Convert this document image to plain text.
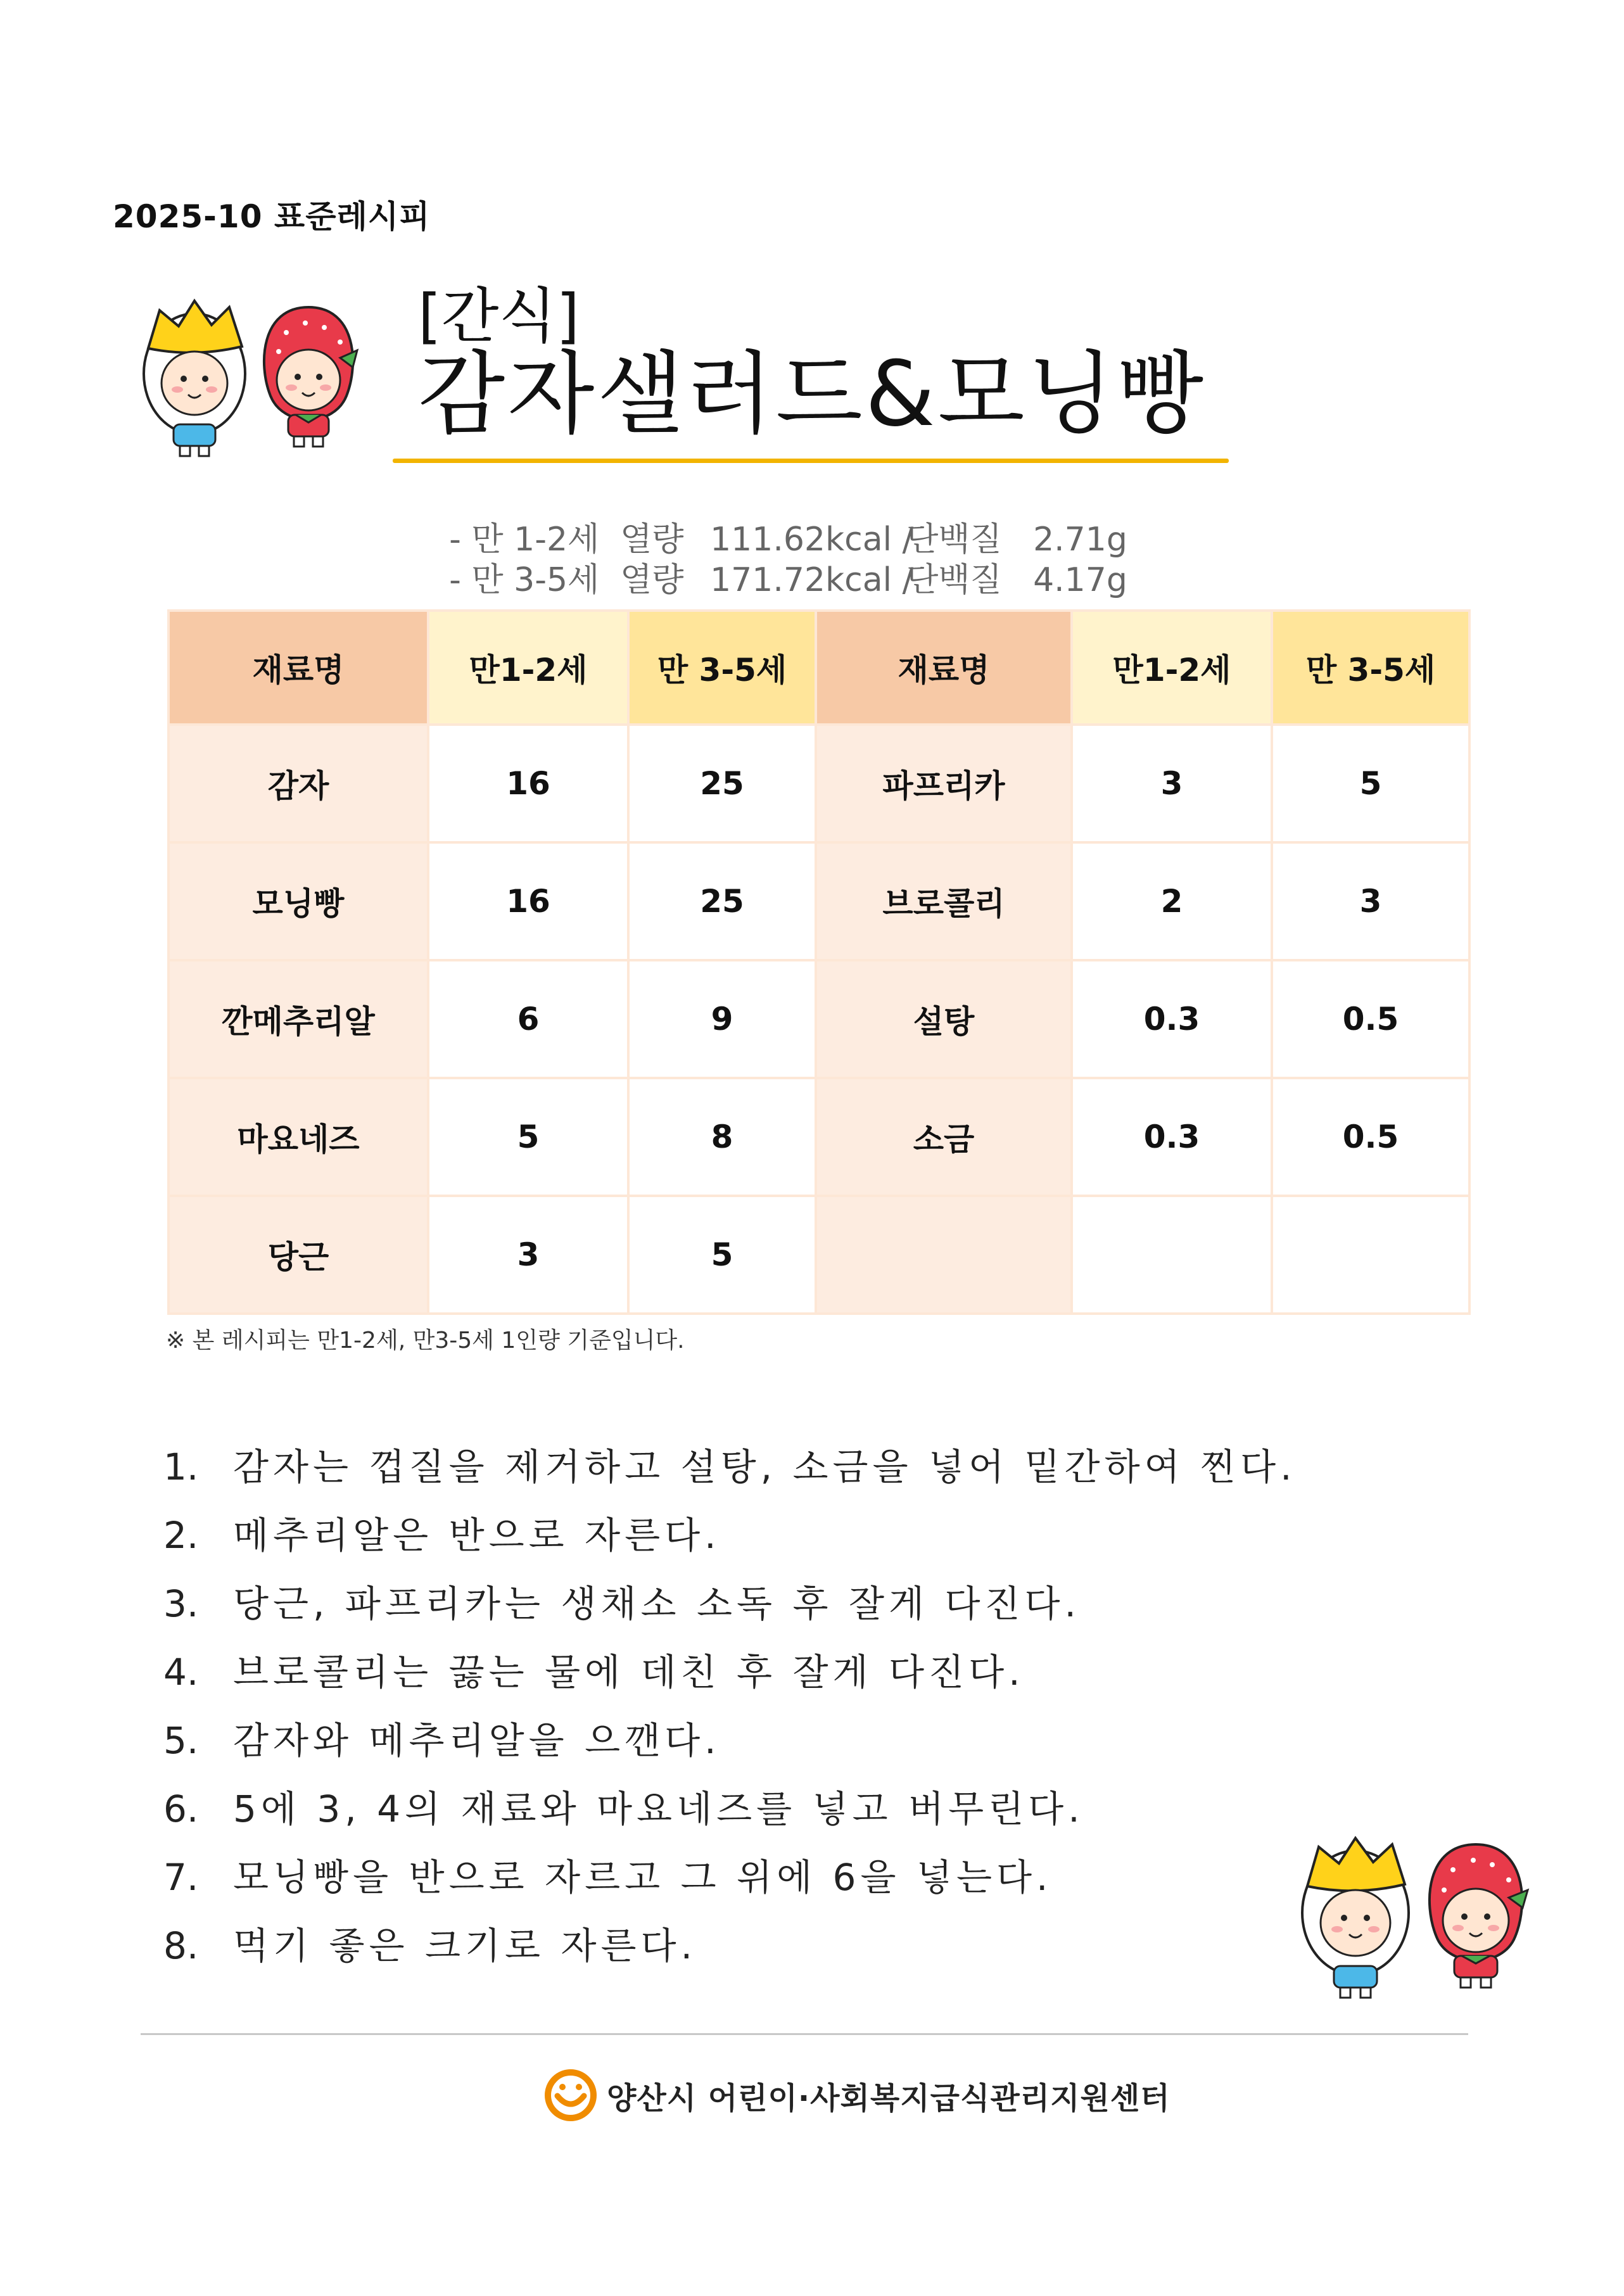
2025-10 표준레시피
[간식]
감자샐러드&모닝빵

- 만 1-2세 열량 111.62kcal /단백질 2.71g

- 만 3-5세 열량 171.72kcal /단백질 4.17g

재료명	만1-2세	만 3-5세	재료명	만1-2세	만 3-5세
감자	16	25	파프리카	3	5
모닝빵	16	25	브로콜리	2	3
깐메추리알	6	9	설탕	0.3	0.5
마요네즈	5	8	소금	0.3	0.5
당근	3	5			
※ 본 레시피는 만1-2세, 만3-5세 1인량 기준입니다.
1. 감자는 껍질을 제거하고 설탕, 소금을 넣어 밑간하여 찐다.
2. 메추리알은 반으로 자른다.
3. 당근, 파프리카는 생채소 소독 후 잘게 다진다.
4. 브로콜리는 끓는 물에 데친 후 잘게 다진다.
5. 감자와 메추리알을 으깬다.
6. 5에 3, 4의 재료와 마요네즈를 넣고 버무린다.
7. 모닝빵을 반으로 자르고 그 위에 6을 넣는다.
8. 먹기 좋은 크기로 자른다.
양산시 어린이·사회복지급식관리지원센터
